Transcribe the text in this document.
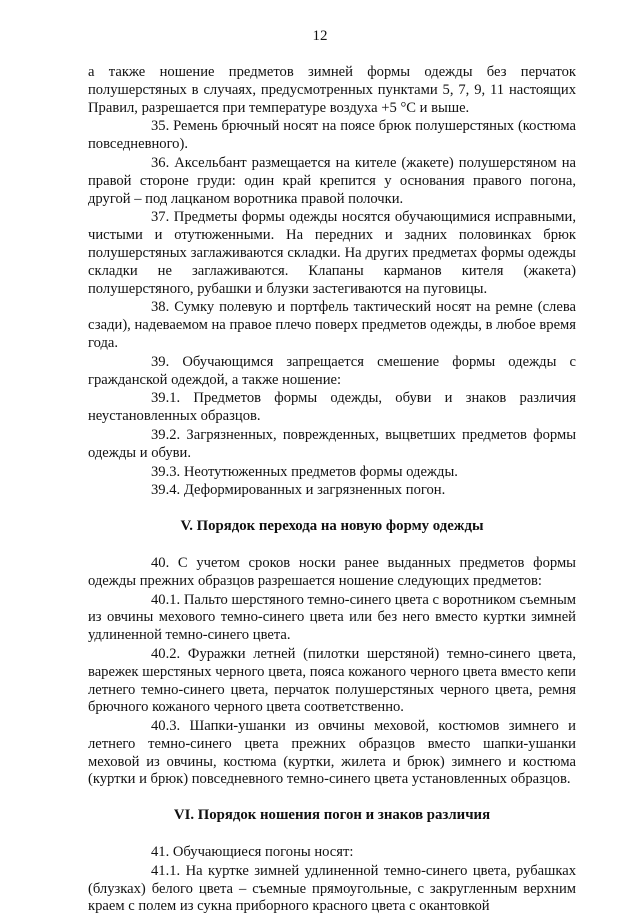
12
а также ношение предметов зимней формы одежды без перчаток полушерстяных в случаях, предусмотренных пунктами 5, 7, 9, 11 настоящих Правил, разрешается при температуре воздуха +5 °С и выше.
35. Ремень брючный носят на поясе брюк полушерстяных (костюма повседневного).
36. Аксельбант размещается на кителе (жакете) полушерстяном на правой стороне груди: один край крепится у основания правого погона, другой – под лацканом воротника правой полочки.
37. Предметы формы одежды носятся обучающимися исправными, чистыми и отутюженными. На передних и задних половинках брюк полушерстяных заглаживаются складки. На других предметах формы одежды складки не заглаживаются. Клапаны карманов кителя (жакета) полушерстяного, рубашки и блузки застегиваются на пуговицы.
38. Сумку полевую и портфель тактический носят на ремне (слева сзади), надеваемом на правое плечо поверх предметов одежды, в любое время года.
39. Обучающимся запрещается смешение формы одежды с гражданской одеждой, а также ношение:
39.1. Предметов формы одежды, обуви и знаков различия неустановленных образцов.
39.2. Загрязненных, поврежденных, выцветших предметов формы одежды и обуви.
39.3. Неотутюженных предметов формы одежды.
39.4. Деформированных и загрязненных погон.
V. Порядок перехода на новую форму одежды
40. С учетом сроков носки ранее выданных предметов формы одежды прежних образцов разрешается ношение следующих предметов:
40.1. Пальто шерстяного темно-синего цвета с воротником съемным из овчины мехового темно-синего цвета или без него вместо куртки зимней удлиненной темно-синего цвета.
40.2. Фуражки летней (пилотки шерстяной) темно-синего цвета, варежек шерстяных черного цвета, пояса кожаного черного цвета вместо кепи летнего темно-синего цвета, перчаток полушерстяных черного цвета, ремня брючного кожаного черного цвета соответственно.
40.3. Шапки-ушанки из овчины меховой, костюмов зимнего и летнего темно-синего цвета прежних образцов вместо шапки-ушанки меховой из овчины, костюма (куртки, жилета и брюк) зимнего и костюма (куртки и брюк) повседневного темно-синего цвета установленных образцов.
VI. Порядок ношения погон и знаков различия
41. Обучающиеся погоны носят:
41.1. На куртке зимней удлиненной темно-синего цвета, рубашках (блузках) белого цвета – съемные прямоугольные, с закругленным верхним краем с полем из сукна приборного красного цвета с окантовкой
